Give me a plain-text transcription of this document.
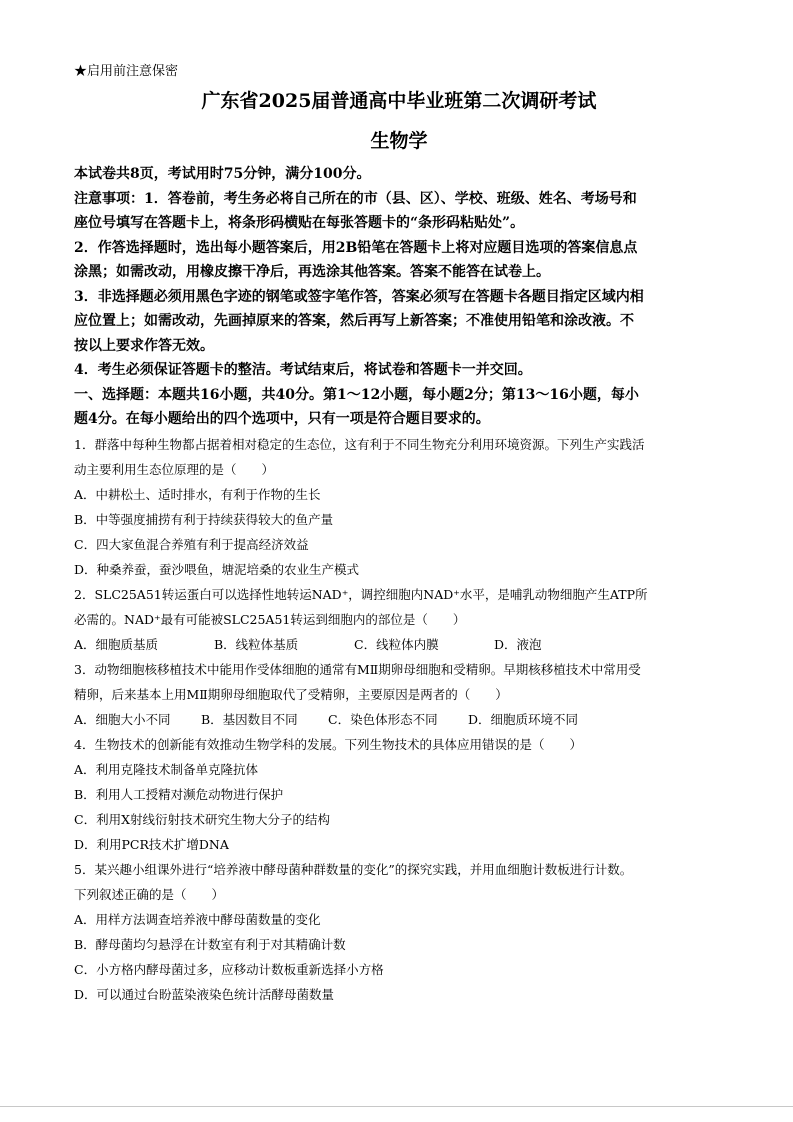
★启用前注意保密
广东省2025届普通高中毕业班第二次调研考试
生物学

本试卷共8页，考试用时75分钟，满分100分。

注意事项：1．答卷前，考生务必将自己所在的市（县、区）、学校、班级、姓名、考场号和

座位号填写在答题卡上，将条形码横贴在每张答题卡的“条形码粘贴处”。

2．作答选择题时，选出每小题答案后，用2B铅笔在答题卡上将对应题目选项的答案信息点

涂黑；如需改动，用橡皮擦干净后，再选涂其他答案。答案不能答在试卷上。

3．非选择题必须用黑色字迹的钢笔或签字笔作答，答案必须写在答题卡各题目指定区域内相

应位置上；如需改动，先画掉原来的答案，然后再写上新答案；不准使用铅笔和涂改液。不

按以上要求作答无效。

4．考生必须保证答题卡的整洁。考试结束后，将试卷和答题卡一并交回。

一、选择题：本题共16小题，共40分。第1～12小题，每小题2分；第13～16小题，每小
题4分。在每小题给出的四个选项中，只有一项是符合题目要求的。

1．群落中每种生物都占据着相对稳定的生态位，这有利于不同生物充分利用环境资源。下列生产实践活

动主要利用生态位原理的是（　　）

A．中耕松土、适时排水，有利于作物的生长

B．中等强度捕捞有利于持续获得较大的鱼产量

C．四大家鱼混合养殖有利于提高经济效益

D．种桑养蚕，蚕沙喂鱼，塘泥培桑的农业生产模式

2．SLC25A51转运蛋白可以选择性地转运NAD⁺，调控细胞内NAD⁺水平，是哺乳动物细胞产生ATP所

必需的。NAD⁺最有可能被SLC25A51转运到细胞内的部位是（　　）

A．细胞质基质	B．线粒体基质	C．线粒体内膜	D．液泡

3．动物细胞核移植技术中能用作受体细胞的通常有MⅡ期卵母细胞和受精卵。早期核移植技术中常用受

精卵，后来基本上用MⅡ期卵母细胞取代了受精卵，主要原因是两者的（　　）

A．细胞大小不同	B．基因数目不同	C．染色体形态不同	D．细胞质环境不同

4．生物技术的创新能有效推动生物学科的发展。下列生物技术的具体应用错误的是（　　）

A．利用克隆技术制备单克隆抗体

B．利用人工授精对濒危动物进行保护

C．利用X射线衍射技术研究生物大分子的结构

D．利用PCR技术扩增DNA

5．某兴趣小组课外进行“培养液中酵母菌种群数量的变化”的探究实践，并用血细胞计数板进行计数。

下列叙述正确的是（　　）

A．用样方法调查培养液中酵母菌数量的变化

B．酵母菌均匀悬浮在计数室有利于对其精确计数

C．小方格内酵母菌过多，应移动计数板重新选择小方格

D．可以通过台盼蓝染液染色统计活酵母菌数量
